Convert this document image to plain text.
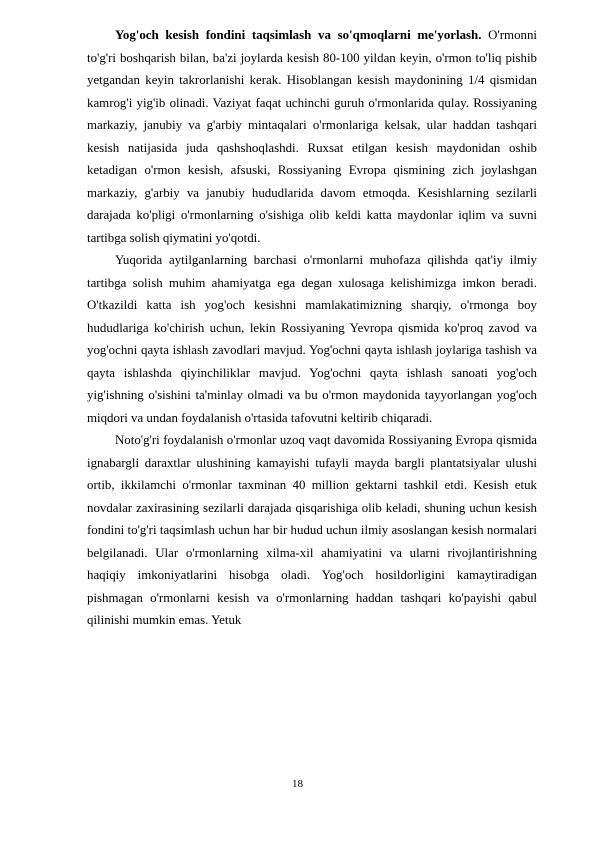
Yog'och kesish fondini taqsimlash va so'qmoqlarni me'yorlash. O'rmonni to'g'ri boshqarish bilan, ba'zi joylarda kesish 80-100 yildan keyin, o'rmon to'liq pishib yetgandan keyin takrorlanishi kerak. Hisoblangan kesish maydonining 1/4 qismidan kamrog'i yig'ib olinadi. Vaziyat faqat uchinchi guruh o'rmonlarida qulay. Rossiyaning markaziy, janubiy va g'arbiy mintaqalari o'rmonlariga kelsak, ular haddan tashqari kesish natijasida juda qashshoqlashdi. Ruxsat etilgan kesish maydonidan oshib ketadigan o'rmon kesish, afsuski, Rossiyaning Evropa qismining zich joylashgan markaziy, g'arbiy va janubiy hududlarida davom etmoqda. Kesishlarning sezilarli darajada ko'pligi o'rmonlarning o'sishiga olib keldi katta maydonlar iqlim va suvni tartibga solish qiymatini yo'qotdi.

Yuqorida aytilganlarning barchasi o'rmonlarni muhofaza qilishda qat'iy ilmiy tartibga solish muhim ahamiyatga ega degan xulosaga kelishimizga imkon beradi. O'tkazildi katta ish yog'och kesishni mamlakatimizning sharqiy, o'rmonga boy hududlariga ko'chirish uchun, lekin Rossiyaning Yevropa qismida ko'proq zavod va yog'ochni qayta ishlash zavodlari mavjud. Yog'ochni qayta ishlash joylariga tashish va qayta ishlashda qiyinchiliklar mavjud. Yog'ochni qayta ishlash sanoati yog'och yig'ishning o'sishini ta'minlay olmadi va bu o'rmon maydonida tayyorlangan yog'och miqdori va undan foydalanish o'rtasida tafovutni keltirib chiqaradi.

Noto'g'ri foydalanish o'rmonlar uzoq vaqt davomida Rossiyaning Evropa qismida ignabargli daraxtlar ulushining kamayishi tufayli mayda bargli plantatsiyalar ulushi ortib, ikkilamchi o'rmonlar taxminan 40 million gektarni tashkil etdi. Kesish etuk novdalar zaxirasining sezilarli darajada qisqarishiga olib keladi, shuning uchun kesish fondini to'g'ri taqsimlash uchun har bir hudud uchun ilmiy asoslangan kesish normalari belgilanadi. Ular o'rmonlarning xilma-xil ahamiyatini va ularni rivojlantirishning haqiqiy imkoniyatlarini hisobga oladi. Yog'och hosildorligini kamaytiradigan pishmagan o'rmonlarni kesish va o'rmonlarning haddan tashqari ko'payishi qabul qilinishi mumkin emas. Yetuk

18
